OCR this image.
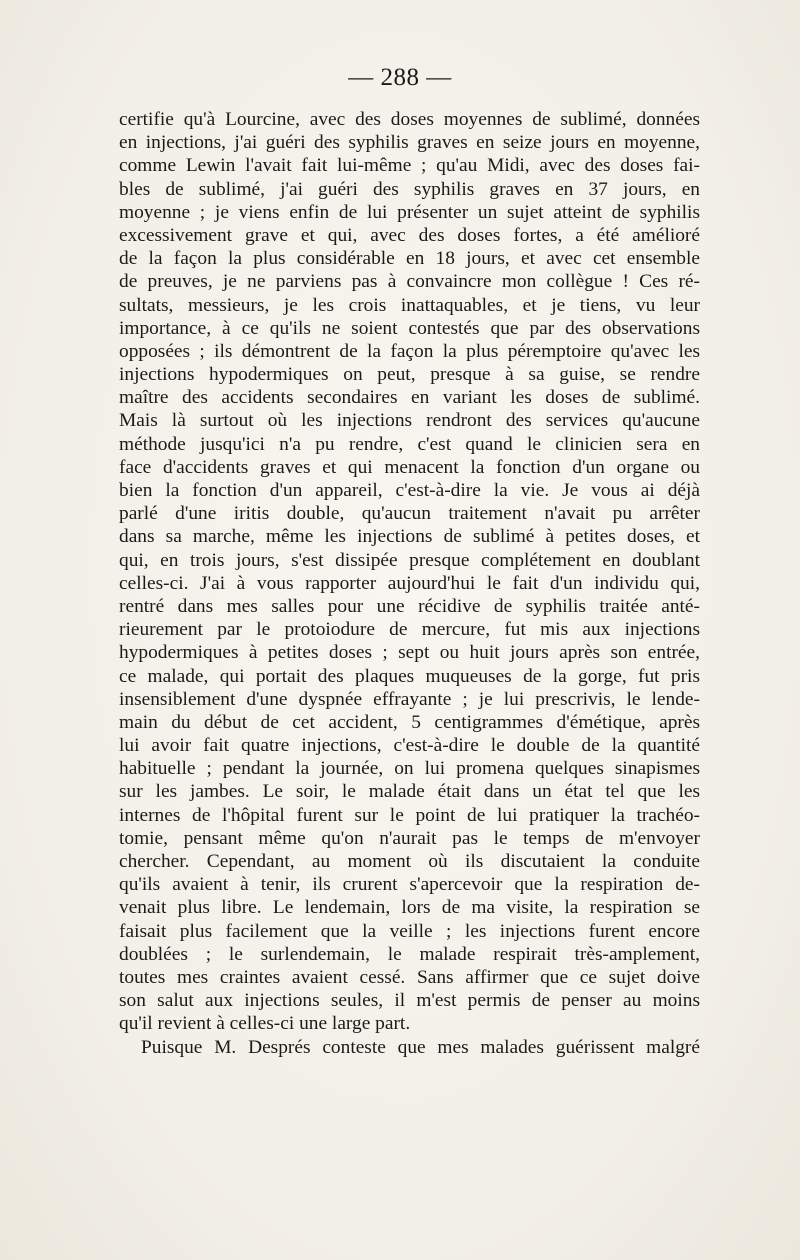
— 288 —
certifie qu'à Lourcine, avec des doses moyennes de sublimé, données
en injections, j'ai guéri des syphilis graves en seize jours en moyenne,
comme Lewin l'avait fait lui-même ; qu'au Midi, avec des doses fai-
bles de sublimé, j'ai guéri des syphilis graves en 37 jours, en
moyenne ; je viens enfin de lui présenter un sujet atteint de syphilis
excessivement grave et qui, avec des doses fortes, a été amélioré
de la façon la plus considérable en 18 jours, et avec cet ensemble
de preuves, je ne parviens pas à convaincre mon collègue ! Ces ré-
sultats, messieurs, je les crois inattaquables, et je tiens, vu leur
importance, à ce qu'ils ne soient contestés que par des observations
opposées ; ils démontrent de la façon la plus péremptoire qu'avec les
injections hypodermiques on peut, presque à sa guise, se rendre
maître des accidents secondaires en variant les doses de sublimé.
Mais là surtout où les injections rendront des services qu'aucune
méthode jusqu'ici n'a pu rendre, c'est quand le clinicien sera en
face d'accidents graves et qui menacent la fonction d'un organe ou
bien la fonction d'un appareil, c'est-à-dire la vie. Je vous ai déjà
parlé d'une iritis double, qu'aucun traitement n'avait pu arrêter
dans sa marche, même les injections de sublimé à petites doses, et
qui, en trois jours, s'est dissipée presque complétement en doublant
celles-ci. J'ai à vous rapporter aujourd'hui le fait d'un individu qui,
rentré dans mes salles pour une récidive de syphilis traitée anté-
rieurement par le protoiodure de mercure, fut mis aux injections
hypodermiques à petites doses ; sept ou huit jours après son entrée,
ce malade, qui portait des plaques muqueuses de la gorge, fut pris
insensiblement d'une dyspnée effrayante ; je lui prescrivis, le lende-
main du début de cet accident, 5 centigrammes d'émétique, après
lui avoir fait quatre injections, c'est-à-dire le double de la quantité
habituelle ; pendant la journée, on lui promena quelques sinapismes
sur les jambes. Le soir, le malade était dans un état tel que les
internes de l'hôpital furent sur le point de lui pratiquer la trachéo-
tomie, pensant même qu'on n'aurait pas le temps de m'envoyer
chercher. Cependant, au moment où ils discutaient la conduite
qu'ils avaient à tenir, ils crurent s'apercevoir que la respiration de-
venait plus libre. Le lendemain, lors de ma visite, la respiration se
faisait plus facilement que la veille ; les injections furent encore
doublées ; le surlendemain, le malade respirait très-amplement,
toutes mes craintes avaient cessé. Sans affirmer que ce sujet doive
son salut aux injections seules, il m'est permis de penser au moins
qu'il revient à celles-ci une large part.
Puisque M. Després conteste que mes malades guérissent malgré
